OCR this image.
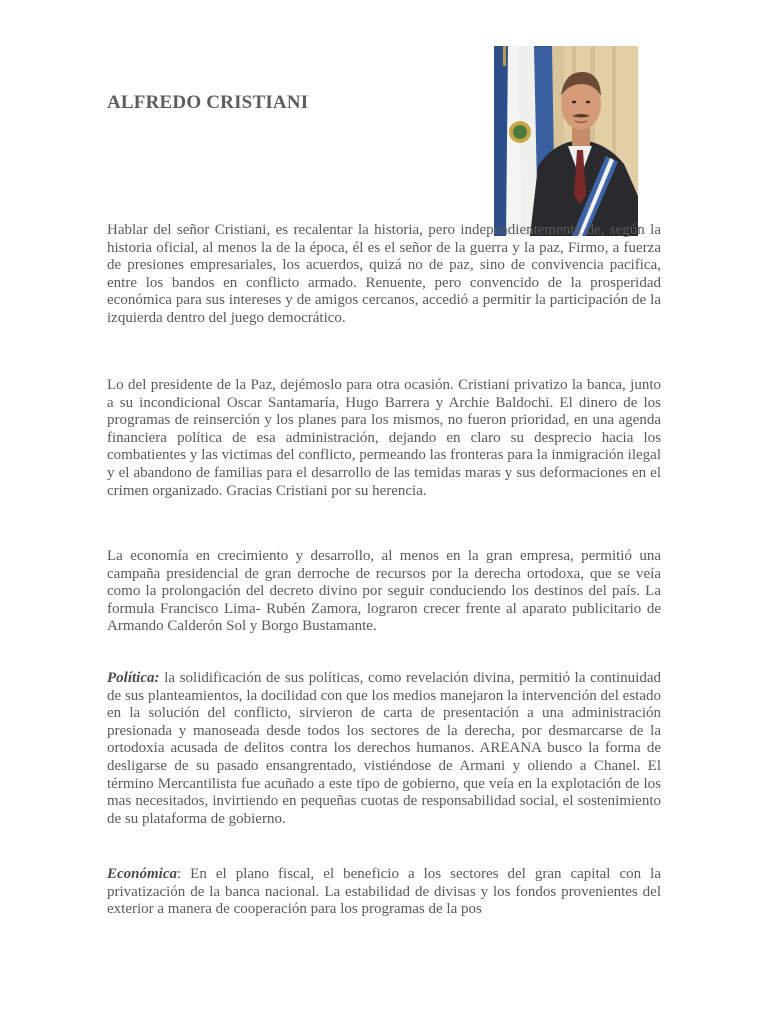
ALFREDO CRISTIANI

Hablar del señor Cristiani, es recalentar la historia, pero independientemente de, según la historia oficial, al menos la de la época, él es el señor de la guerra y la paz, Firmo, a fuerza de presiones empresariales, los acuerdos, quizá no de paz, sino de convivencia pacifica, entre los bandos en conflicto armado. Renuente, pero convencido de la prosperidad económica para sus intereses y de amigos cercanos, accedió a permitir la participación de la izquierda dentro del juego democrático.

Lo del presidente de la Paz, dejémoslo para otra ocasión. Cristiani privatizo la banca, junto a su incondicional Oscar Santamaría, Hugo Barrera y Archie Baldochi. El dinero de los programas de reinserción y los planes para los mismos, no fueron prioridad, en una agenda financiera política de esa administración, dejando en claro su desprecio hacia los combatientes y las victimas del conflicto, permeando las fronteras para la inmigración ilegal y el abandono de familias para el desarrollo de las temidas maras y sus deformaciones en el crimen organizado. Gracias Cristiani por su herencia.

La economía en crecimiento y desarrollo, al menos en la gran empresa, permitió una campaña presidencial de gran derroche de recursos por la derecha ortodoxa, que se veía como la prolongación del decreto divino por seguir conduciendo los destinos del país. La formula Francisco Lima- Rubén Zamora, lograron crecer frente al aparato publicitario de Armando Calderón Sol y Borgo Bustamante.

Política: la solidificación de sus políticas, como revelación divina, permitió la continuidad de sus planteamientos, la docilidad con que los medios manejaron la intervención del estado en la solución del conflicto, sirvieron de carta de presentación a una administración presionada y manoseada desde todos los sectores de la derecha, por desmarcarse de la ortodoxia acusada de delitos contra los derechos humanos. AREANA busco la forma de desligarse de su pasado ensangrentado, vistiéndose de Armani y oliendo a Chanel. El término Mercantilista fue acuñado a este tipo de gobierno, que veía en la explotación de los mas necesitados, invirtiendo en pequeñas cuotas de responsabilidad social, el sostenimiento de su plataforma de gobierno.

Económica: En el plano fiscal, el beneficio a los sectores del gran capital con la privatización de la banca nacional. La estabilidad de divisas y los fondos provenientes del exterior a manera de cooperación para los programas de la pos
